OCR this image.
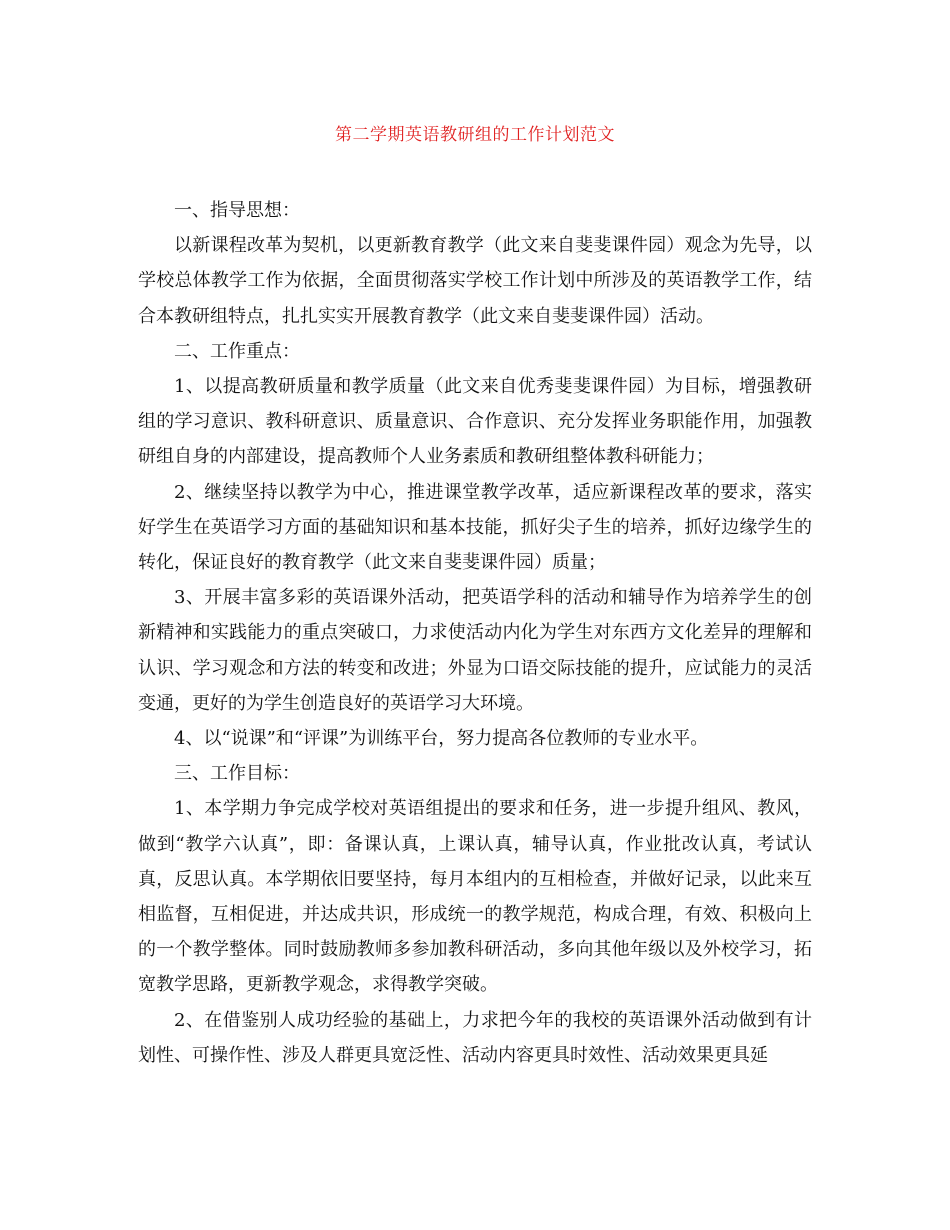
第二学期英语教研组的工作计划范文

一、指导思想：

以新课程改革为契机，以更新教育教学（此文来自斐斐课件园）观念为先导，以学校总体教学工作为依据，全面贯彻落实学校工作计划中所涉及的英语教学工作，结合本教研组特点，扎扎实实开展教育教学（此文来自斐斐课件园）活动。

二、工作重点：

1、以提高教研质量和教学质量（此文来自优秀斐斐课件园）为目标，增强教研组的学习意识、教科研意识、质量意识、合作意识、充分发挥业务职能作用，加强教研组自身的内部建设，提高教师个人业务素质和教研组整体教科研能力；

2、继续坚持以教学为中心，推进课堂教学改革，适应新课程改革的要求，落实好学生在英语学习方面的基础知识和基本技能，抓好尖子生的培养，抓好边缘学生的转化，保证良好的教育教学（此文来自斐斐课件园）质量；

3、开展丰富多彩的英语课外活动，把英语学科的活动和辅导作为培养学生的创新精神和实践能力的重点突破口，力求使活动内化为学生对东西方文化差异的理解和认识、学习观念和方法的转变和改进；外显为口语交际技能的提升，应试能力的灵活变通，更好的为学生创造良好的英语学习大环境。

4、以“说课”和“评课”为训练平台，努力提高各位教师的专业水平。

三、工作目标：

1、本学期力争完成学校对英语组提出的要求和任务，进一步提升组风、教风，做到“教学六认真”，即：备课认真，上课认真，辅导认真，作业批改认真，考试认真，反思认真。本学期依旧要坚持，每月本组内的互相检查，并做好记录，以此来互相监督，互相促进，并达成共识，形成统一的教学规范，构成合理，有效、积极向上的一个教学整体。同时鼓励教师多参加教科研活动，多向其他年级以及外校学习，拓宽教学思路，更新教学观念，求得教学突破。

2、在借鉴别人成功经验的基础上，力求把今年的我校的英语课外活动做到有计划性、可操作性、涉及人群更具宽泛性、活动内容更具时效性、活动效果更具延
